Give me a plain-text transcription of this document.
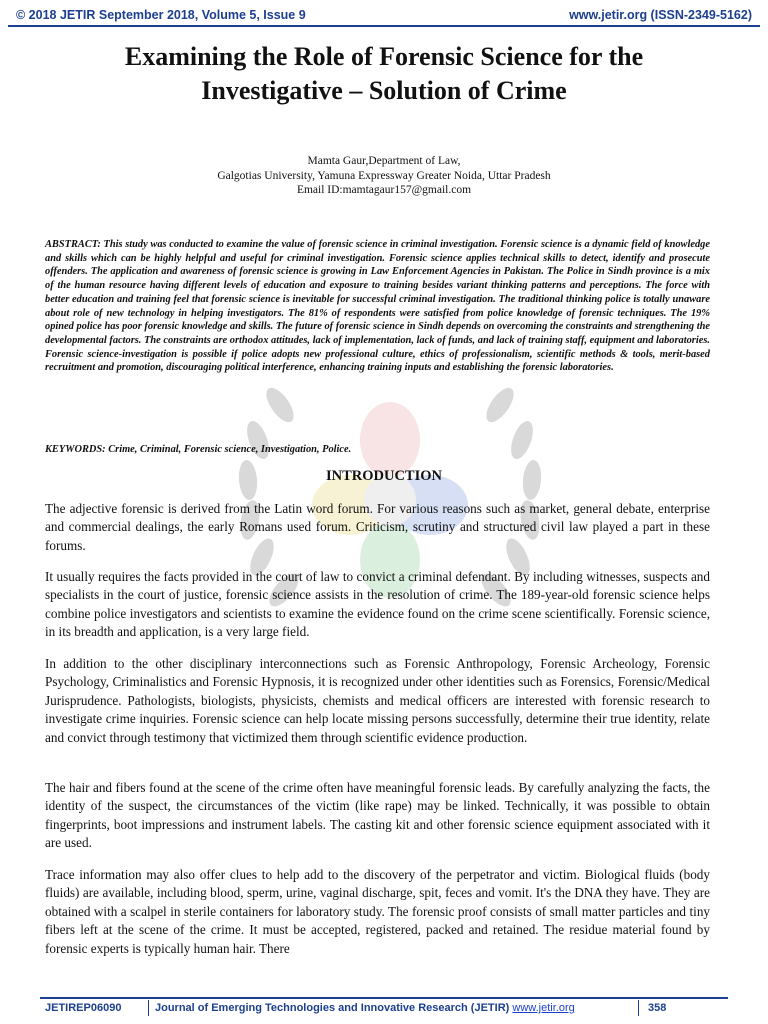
© 2018 JETIR September 2018, Volume 5, Issue 9	www.jetir.org (ISSN-2349-5162)
Examining the Role of Forensic Science for the
Investigative – Solution of Crime
Mamta Gaur,Department of Law,
Galgotias University, Yamuna Expressway Greater Noida, Uttar Pradesh
Email ID:mamtagaur157@gmail.com

ABSTRACT: This study was conducted to examine the value of forensic science in criminal investigation. Forensic science is a dynamic field of knowledge and skills which can be highly helpful and useful for criminal investigation. Forensic science applies technical skills to detect, identify and prosecute offenders. The application and awareness of forensic science is growing in Law Enforcement Agencies in Pakistan. The Police in Sindh province is a mix of the human resource having different levels of education and exposure to training besides variant thinking patterns and perceptions. The force with better education and training feel that forensic science is inevitable for successful criminal investigation. The traditional thinking police is totally unaware about role of new technology in helping investigators. The 81% of respondents were satisfied from police knowledge of forensic techniques. The 19% opined police has poor forensic knowledge and skills. The future of forensic science in Sindh depends on overcoming the constraints and strengthening the developmental factors. The constraints are orthodox attitudes, lack of implementation, lack of funds, and lack of training staff, equipment and laboratories. Forensic science-investigation is possible if police adopts new professional culture, ethics of professionalism, scientific methods & tools, merit-based recruitment and promotion, discouraging political interference, enhancing training inputs and establishing the forensic laboratories.

KEYWORDS: Crime, Criminal, Forensic science, Investigation, Police.

INTRODUCTION

The adjective forensic is derived from the Latin word forum. For various reasons such as market, general debate, enterprise and commercial dealings, the early Romans used forum. Criticism, scrutiny and structured civil law played a part in these forums.

It usually requires the facts provided in the court of law to convict a criminal defendant. By including witnesses, suspects and specialists in the court of justice, forensic science assists in the resolution of crime. The 189-year-old forensic science helps combine police investigators and scientists to examine the evidence found on the crime scene scientifically. Forensic science, in its breadth and application, is a very large field.

In addition to the other disciplinary interconnections such as Forensic Anthropology, Forensic Archeology, Forensic Psychology, Criminalistics and Forensic Hypnosis, it is recognized under other identities such as Forensics, Forensic/Medical Jurisprudence. Pathologists, biologists, physicists, chemists and medical officers are interested with forensic research to investigate crime inquiries. Forensic science can help locate missing persons successfully, determine their true identity, relate and convict through testimony that victimized them through scientific evidence production.

The hair and fibers found at the scene of the crime often have meaningful forensic leads. By carefully analyzing the facts, the identity of the suspect, the circumstances of the victim (like rape) may be linked. Technically, it was possible to obtain fingerprints, boot impressions and instrument labels. The casting kit and other forensic science equipment associated with it are used.

Trace information may also offer clues to help add to the discovery of the perpetrator and victim. Biological fluids (body fluids) are available, including blood, sperm, urine, vaginal discharge, spit, feces and vomit. It's the DNA they have. They are obtained with a scalpel in sterile containers for laboratory study. The forensic proof consists of small matter particles and tiny fibers left at the scene of the crime. It must be accepted, registered, packed and retained. The residue material found by forensic experts is typically human hair. There

JETIREP06090	Journal of Emerging Technologies and Innovative Research (JETIR) www.jetir.org	358
